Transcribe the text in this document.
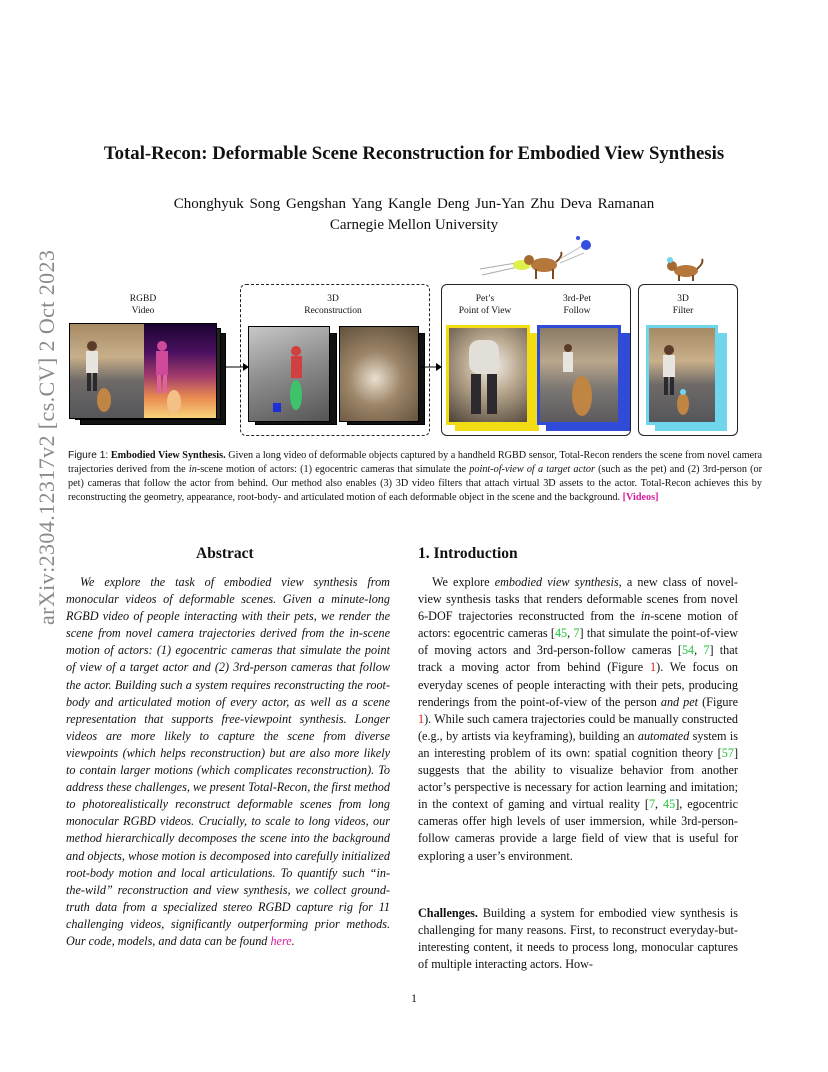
arXiv:2304.12317v2 [cs.CV] 2 Oct 2023
Total-Recon: Deformable Scene Reconstruction for Embodied View Synthesis
Chonghyuk Song Gengshan Yang Kangle Deng Jun-Yan Zhu Deva Ramanan
Carnegie Mellon University
RGBD
Video
3D
Reconstruction
Pet’s
Point of View
3rd-Pet
Follow
3D
Filter
Figure 1: Embodied View Synthesis. Given a long video of deformable objects captured by a handheld RGBD sensor, Total-Recon renders the scene from novel camera trajectories derived from the in-scene motion of actors: (1) egocentric cameras that simulate the point-of-view of a target actor (such as the pet) and (2) 3rd-person (or pet) cameras that follow the actor from behind. Our method also enables (3) 3D video filters that attach virtual 3D assets to the actor. Total-Recon achieves this by reconstructing the geometry, appearance, root-body- and articulated motion of each deformable object in the scene and the background. [Videos]
Abstract
We explore the task of embodied view synthesis from monocular videos of deformable scenes. Given a minute-long RGBD video of people interacting with their pets, we render the scene from novel camera trajectories derived from the in-scene motion of actors: (1) egocentric cameras that simulate the point of view of a target actor and (2) 3rd-person cameras that follow the actor. Building such a system requires reconstructing the root-body and articulated motion of every actor, as well as a scene representation that supports free-viewpoint synthesis. Longer videos are more likely to capture the scene from diverse viewpoints (which helps reconstruction) but are also more likely to contain larger motions (which complicates reconstruction). To address these challenges, we present Total-Recon, the first method to photorealistically reconstruct deformable scenes from long monocular RGBD videos. Crucially, to scale to long videos, our method hierarchically decomposes the scene into the background and objects, whose motion is decomposed into carefully initialized root-body motion and local articulations. To quantify such “in-the-wild” reconstruction and view synthesis, we collect ground-truth data from a specialized stereo RGBD capture rig for 11 challenging videos, significantly outperforming prior methods. Our code, models, and data can be found here.
1. Introduction
We explore embodied view synthesis, a new class of novel-view synthesis tasks that renders deformable scenes from novel 6-DOF trajectories reconstructed from the in-scene motion of actors: egocentric cameras [45, 7] that simulate the point-of-view of moving actors and 3rd-person-follow cameras [54, 7] that track a moving actor from behind (Figure 1). We focus on everyday scenes of people interacting with their pets, producing renderings from the point-of-view of the person and pet (Figure 1). While such camera trajectories could be manually constructed (e.g., by artists via keyframing), building an automated system is an interesting problem of its own: spatial cognition theory [57] suggests that the ability to visualize behavior from another actor’s perspective is necessary for action learning and imitation; in the context of gaming and virtual reality [7, 45], egocentric cameras offer high levels of user immersion, while 3rd-person-follow cameras provide a large field of view that is useful for exploring a user’s environment.
Challenges. Building a system for embodied view synthesis is challenging for many reasons. First, to reconstruct everyday-but-interesting content, it needs to process long, monocular captures of multiple interacting actors. How-
1
